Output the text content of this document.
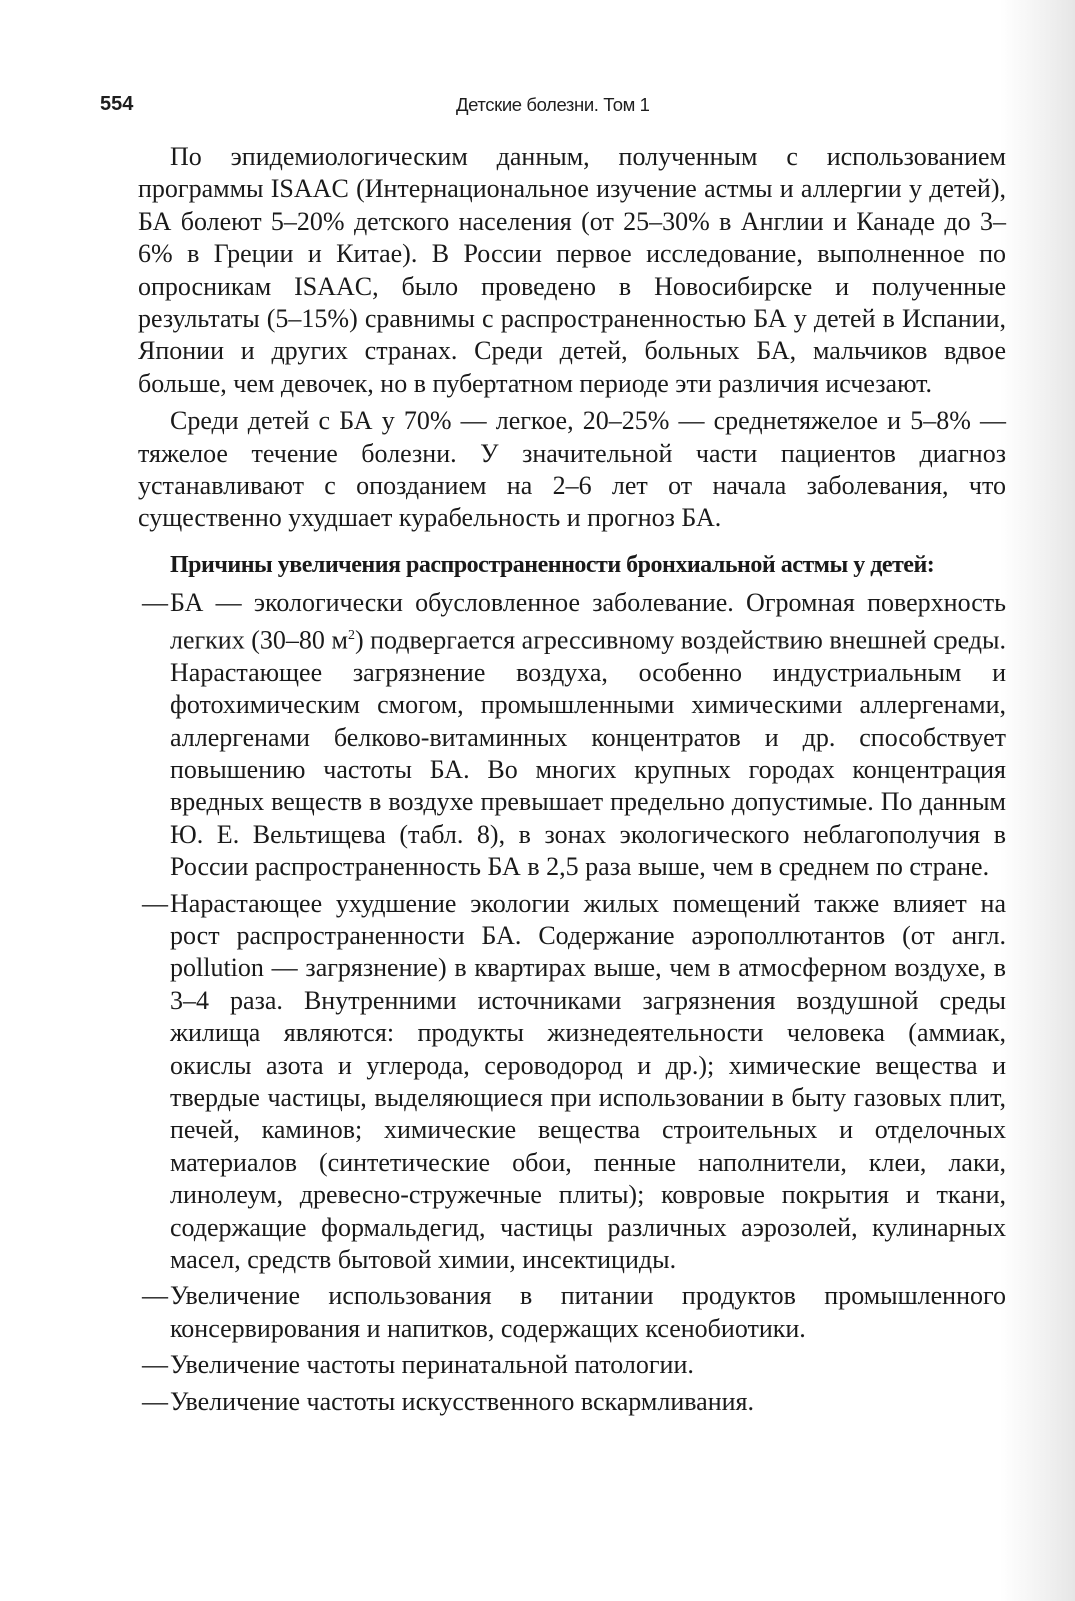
554	Детские болезни. Том 1

По эпидемиологическим данным, полученным с использованием программы ISAAC (Интернациональное изучение астмы и аллергии у детей), БА болеют 5–20% детского населения (от 25–30% в Англии и Канаде до 3–6% в Греции и Китае). В России первое исследование, выполненное по опросникам ISAAC, было проведено в Новосибирске и полученные результаты (5–15%) сравнимы с распространенностью БА у детей в Испании, Японии и других странах. Среди детей, больных БА, мальчиков вдвое больше, чем девочек, но в пубертатном периоде эти различия исчезают.

Среди детей с БА у 70% — легкое, 20–25% — среднетяжелое и 5–8% — тяжелое течение болезни. У значительной части пациентов диагноз устанавливают с опозданием на 2–6 лет от начала заболевания, что существенно ухудшает курабельность и прогноз БА.

Причины увеличения распространенности бронхиальной астмы у детей:

— БА — экологически обусловленное заболевание. Огромная поверхность легких (30–80 $м^2$) подвергается агрессивному воздействию внешней среды. Нарастающее загрязнение воздуха, особенно индустриальным и фотохимическим смогом, промышленными химическими аллергенами, аллергенами белково-витаминных концентратов и др. способствует повышению частоты БА. Во многих крупных городах концентрация вредных веществ в воздухе превышает предельно допустимые. По данным Ю. Е. Вельтищева (табл. 8), в зонах экологического неблагополучия в России распространенность БА в 2,5 раза выше, чем в среднем по стране.
— Нарастающее ухудшение экологии жилых помещений также влияет на рост распространенности БА. Содержание аэрополлютантов (от англ. pollution — загрязнение) в квартирах выше, чем в атмосферном воздухе, в 3–4 раза. Внутренними источниками загрязнения воздушной среды жилища являются: продукты жизнедеятельности человека (аммиак, окислы азота и углерода, сероводород и др.); химические вещества и твердые частицы, выделяющиеся при использовании в быту газовых плит, печей, каминов; химические вещества строительных и отделочных материалов (синтетические обои, пенные наполнители, клеи, лаки, линолеум, древесно-стружечные плиты); ковровые покрытия и ткани, содержащие формальдегид, частицы различных аэрозолей, кулинарных масел, средств бытовой химии, инсектициды.
— Увеличение использования в питании продуктов промышленного консервирования и напитков, содержащих ксенобиотики.
— Увеличение частоты перинатальной патологии.
— Увеличение частоты искусственного вскармливания.
